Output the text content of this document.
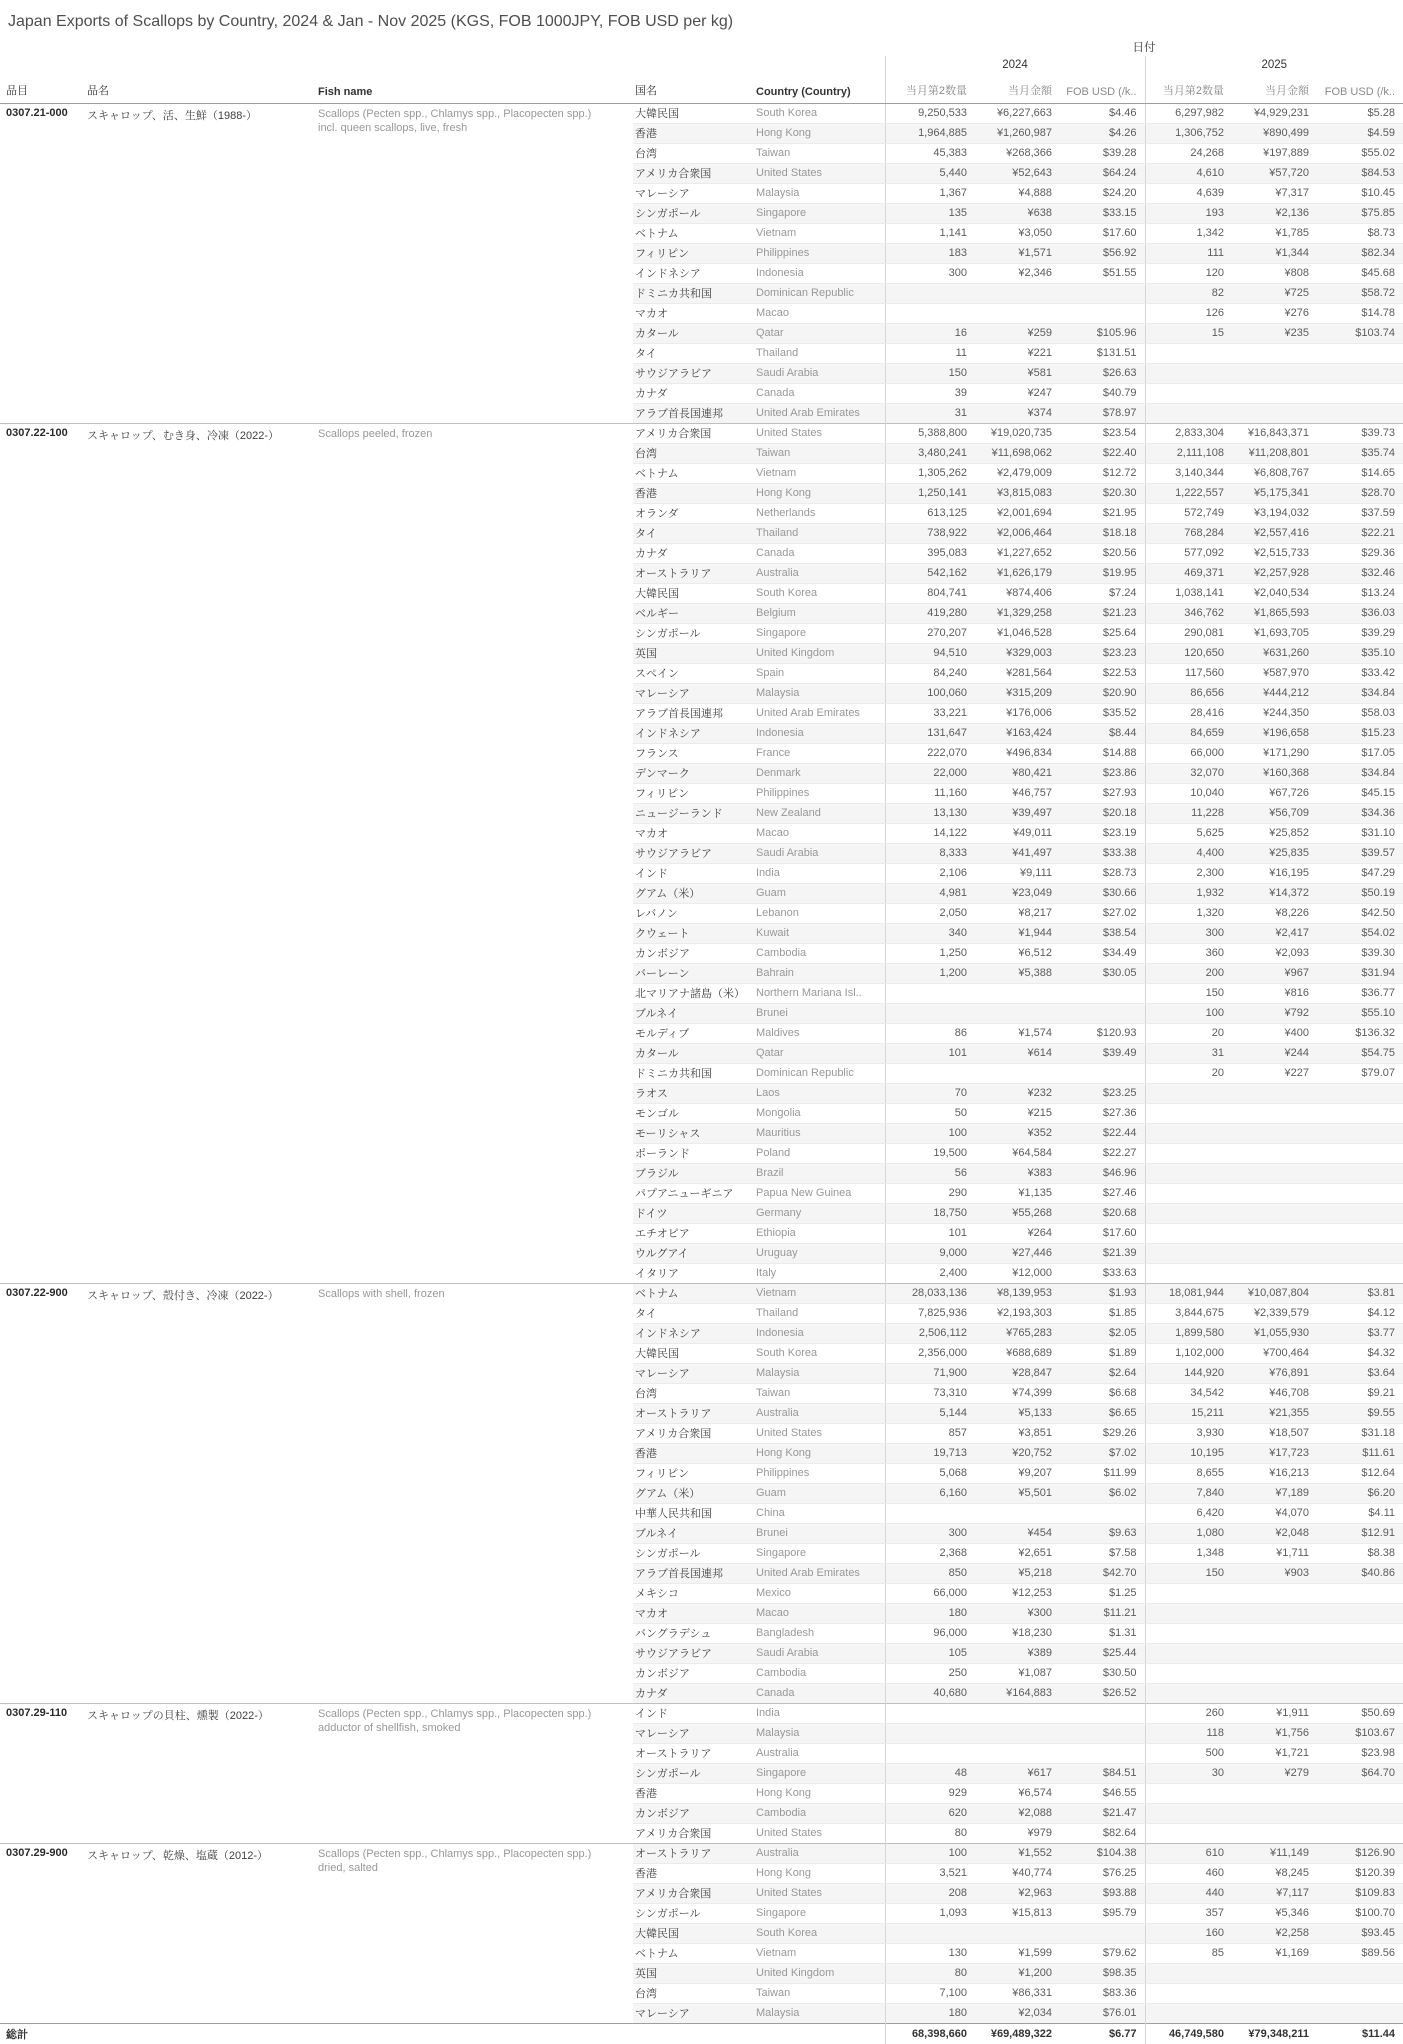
Japan Exports of Scallops by Country, 2024 & Jan - Nov 2025 (KGS, FOB 1000JPY, FOB USD per kg)
					日付					
					2024			2025		
品目	品名	Fish name	国名	Country (Country)	当月第2数量	当月金額	FOB USD (/k..	当月第2数量	当月金額	FOB USD (/k..
0307.21-000	スキャロップ、活、生鮮（1988-）	Scallops (Pecten spp., Chlamys spp., Placopecten spp.)
incl. queen scallops, live, fresh	大韓民国	South Korea	9,250,533	¥6,227,663	$4.46	6,297,982	¥4,929,231	$5.28
			香港	Hong Kong	1,964,885	¥1,260,987	$4.26	1,306,752	¥890,499	$4.59
			台湾	Taiwan	45,383	¥268,366	$39.28	24,268	¥197,889	$55.02
			アメリカ合衆国	United States	5,440	¥52,643	$64.24	4,610	¥57,720	$84.53
			マレーシア	Malaysia	1,367	¥4,888	$24.20	4,639	¥7,317	$10.45
			シンガポール	Singapore	135	¥638	$33.15	193	¥2,136	$75.85
			ベトナム	Vietnam	1,141	¥3,050	$17.60	1,342	¥1,785	$8.73
			フィリピン	Philippines	183	¥1,571	$56.92	111	¥1,344	$82.34
			インドネシア	Indonesia	300	¥2,346	$51.55	120	¥808	$45.68
			ドミニカ共和国	Dominican Republic				82	¥725	$58.72
			マカオ	Macao				126	¥276	$14.78
			カタール	Qatar	16	¥259	$105.96	15	¥235	$103.74
			タイ	Thailand	11	¥221	$131.51			
			サウジアラビア	Saudi Arabia	150	¥581	$26.63			
			カナダ	Canada	39	¥247	$40.79			
			アラブ首長国連邦	United Arab Emirates	31	¥374	$78.97			
0307.22-100	スキャロップ、むき身、冷凍（2022-）	Scallops peeled, frozen	アメリカ合衆国	United States	5,388,800	¥19,020,735	$23.54	2,833,304	¥16,843,371	$39.73
			台湾	Taiwan	3,480,241	¥11,698,062	$22.40	2,111,108	¥11,208,801	$35.74
			ベトナム	Vietnam	1,305,262	¥2,479,009	$12.72	3,140,344	¥6,808,767	$14.65
			香港	Hong Kong	1,250,141	¥3,815,083	$20.30	1,222,557	¥5,175,341	$28.70
			オランダ	Netherlands	613,125	¥2,001,694	$21.95	572,749	¥3,194,032	$37.59
			タイ	Thailand	738,922	¥2,006,464	$18.18	768,284	¥2,557,416	$22.21
			カナダ	Canada	395,083	¥1,227,652	$20.56	577,092	¥2,515,733	$29.36
			オーストラリア	Australia	542,162	¥1,626,179	$19.95	469,371	¥2,257,928	$32.46
			大韓民国	South Korea	804,741	¥874,406	$7.24	1,038,141	¥2,040,534	$13.24
			ベルギー	Belgium	419,280	¥1,329,258	$21.23	346,762	¥1,865,593	$36.03
			シンガポール	Singapore	270,207	¥1,046,528	$25.64	290,081	¥1,693,705	$39.29
			英国	United Kingdom	94,510	¥329,003	$23.23	120,650	¥631,260	$35.10
			スペイン	Spain	84,240	¥281,564	$22.53	117,560	¥587,970	$33.42
			マレーシア	Malaysia	100,060	¥315,209	$20.90	86,656	¥444,212	$34.84
			アラブ首長国連邦	United Arab Emirates	33,221	¥176,006	$35.52	28,416	¥244,350	$58.03
			インドネシア	Indonesia	131,647	¥163,424	$8.44	84,659	¥196,658	$15.23
			フランス	France	222,070	¥496,834	$14.88	66,000	¥171,290	$17.05
			デンマーク	Denmark	22,000	¥80,421	$23.86	32,070	¥160,368	$34.84
			フィリピン	Philippines	11,160	¥46,757	$27.93	10,040	¥67,726	$45.15
			ニュージーランド	New Zealand	13,130	¥39,497	$20.18	11,228	¥56,709	$34.36
			マカオ	Macao	14,122	¥49,011	$23.19	5,625	¥25,852	$31.10
			サウジアラビア	Saudi Arabia	8,333	¥41,497	$33.38	4,400	¥25,835	$39.57
			インド	India	2,106	¥9,111	$28.73	2,300	¥16,195	$47.29
			グアム（米）	Guam	4,981	¥23,049	$30.66	1,932	¥14,372	$50.19
			レバノン	Lebanon	2,050	¥8,217	$27.02	1,320	¥8,226	$42.50
			クウェート	Kuwait	340	¥1,944	$38.54	300	¥2,417	$54.02
			カンボジア	Cambodia	1,250	¥6,512	$34.49	360	¥2,093	$39.30
			バーレーン	Bahrain	1,200	¥5,388	$30.05	200	¥967	$31.94
			北マリアナ諸島（米）	Northern Mariana Isl..				150	¥816	$36.77
			ブルネイ	Brunei				100	¥792	$55.10
			モルディブ	Maldives	86	¥1,574	$120.93	20	¥400	$136.32
			カタール	Qatar	101	¥614	$39.49	31	¥244	$54.75
			ドミニカ共和国	Dominican Republic				20	¥227	$79.07
			ラオス	Laos	70	¥232	$23.25			
			モンゴル	Mongolia	50	¥215	$27.36			
			モーリシャス	Mauritius	100	¥352	$22.44			
			ポーランド	Poland	19,500	¥64,584	$22.27			
			ブラジル	Brazil	56	¥383	$46.96			
			パプアニューギニア	Papua New Guinea	290	¥1,135	$27.46			
			ドイツ	Germany	18,750	¥55,268	$20.68			
			エチオピア	Ethiopia	101	¥264	$17.60			
			ウルグアイ	Uruguay	9,000	¥27,446	$21.39			
			イタリア	Italy	2,400	¥12,000	$33.63			
0307.22-900	スキャロップ、殻付き、冷凍（2022-）	Scallops with shell, frozen	ベトナム	Vietnam	28,033,136	¥8,139,953	$1.93	18,081,944	¥10,087,804	$3.81
			タイ	Thailand	7,825,936	¥2,193,303	$1.85	3,844,675	¥2,339,579	$4.12
			インドネシア	Indonesia	2,506,112	¥765,283	$2.05	1,899,580	¥1,055,930	$3.77
			大韓民国	South Korea	2,356,000	¥688,689	$1.89	1,102,000	¥700,464	$4.32
			マレーシア	Malaysia	71,900	¥28,847	$2.64	144,920	¥76,891	$3.64
			台湾	Taiwan	73,310	¥74,399	$6.68	34,542	¥46,708	$9.21
			オーストラリア	Australia	5,144	¥5,133	$6.65	15,211	¥21,355	$9.55
			アメリカ合衆国	United States	857	¥3,851	$29.26	3,930	¥18,507	$31.18
			香港	Hong Kong	19,713	¥20,752	$7.02	10,195	¥17,723	$11.61
			フィリピン	Philippines	5,068	¥9,207	$11.99	8,655	¥16,213	$12.64
			グアム（米）	Guam	6,160	¥5,501	$6.02	7,840	¥7,189	$6.20
			中華人民共和国	China				6,420	¥4,070	$4.11
			ブルネイ	Brunei	300	¥454	$9.63	1,080	¥2,048	$12.91
			シンガポール	Singapore	2,368	¥2,651	$7.58	1,348	¥1,711	$8.38
			アラブ首長国連邦	United Arab Emirates	850	¥5,218	$42.70	150	¥903	$40.86
			メキシコ	Mexico	66,000	¥12,253	$1.25			
			マカオ	Macao	180	¥300	$11.21			
			バングラデシュ	Bangladesh	96,000	¥18,230	$1.31			
			サウジアラビア	Saudi Arabia	105	¥389	$25.44			
			カンボジア	Cambodia	250	¥1,087	$30.50			
			カナダ	Canada	40,680	¥164,883	$26.52			
0307.29-110	スキャロップの貝柱、燻製（2022-）	Scallops (Pecten spp., Chlamys spp., Placopecten spp.)
adductor of shellfish, smoked	インド	India				260	¥1,911	$50.69
			マレーシア	Malaysia				118	¥1,756	$103.67
			オーストラリア	Australia				500	¥1,721	$23.98
			シンガポール	Singapore	48	¥617	$84.51	30	¥279	$64.70
			香港	Hong Kong	929	¥6,574	$46.55			
			カンボジア	Cambodia	620	¥2,088	$21.47			
			アメリカ合衆国	United States	80	¥979	$82.64			
0307.29-900	スキャロップ、乾燥、塩蔵（2012-）	Scallops (Pecten spp., Chlamys spp., Placopecten spp.)
dried, salted	オーストラリア	Australia	100	¥1,552	$104.38	610	¥11,149	$126.90
			香港	Hong Kong	3,521	¥40,774	$76.25	460	¥8,245	$120.39
			アメリカ合衆国	United States	208	¥2,963	$93.88	440	¥7,117	$109.83
			シンガポール	Singapore	1,093	¥15,813	$95.79	357	¥5,346	$100.70
			大韓民国	South Korea				160	¥2,258	$93.45
			ベトナム	Vietnam	130	¥1,599	$79.62	85	¥1,169	$89.56
			英国	United Kingdom	80	¥1,200	$98.35			
			台湾	Taiwan	7,100	¥86,331	$83.36			
			マレーシア	Malaysia	180	¥2,034	$76.01			
総計					68,398,660	¥69,489,322	$6.77	46,749,580	¥79,348,211	$11.44
